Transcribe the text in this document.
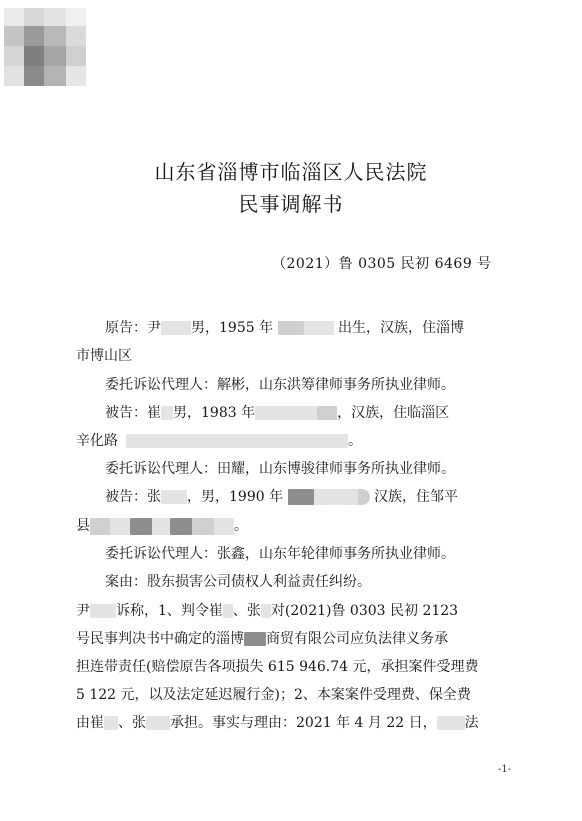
山东省淄博市临淄区人民法院
民事调解书
（2021）鲁 0305 民初 6469 号
原告：尹 男，1955 年	出生，汉族，住淄博
市博山区
委托诉讼代理人：解彬，山东洪筹律师事务所执业律师。
被告：崔 男，1983 年	，汉族，住临淄区
辛化路	。
委托诉讼代理人：田耀，山东博骏律师事务所执业律师。
被告：张 ，男，1990 年	汉族，住邹平
县	。
委托诉讼代理人：张鑫，山东年轮律师事务所执业律师。
案由：股东损害公司债权人利益责任纠纷。
尹 诉称，1、判令崔 、张 对(2021)鲁 0303 民初 2123
号民事判决书中确定的淄博 商贸有限公司应负法律义务承
担连带责任(赔偿原告各项损失 615 946.74 元，承担案件受理费
5 122 元，以及法定延迟履行金)；2、本案案件受理费、保全费
由崔 、张 承担。事实与理由：2021 年 4 月 22 日， 法
-1-
